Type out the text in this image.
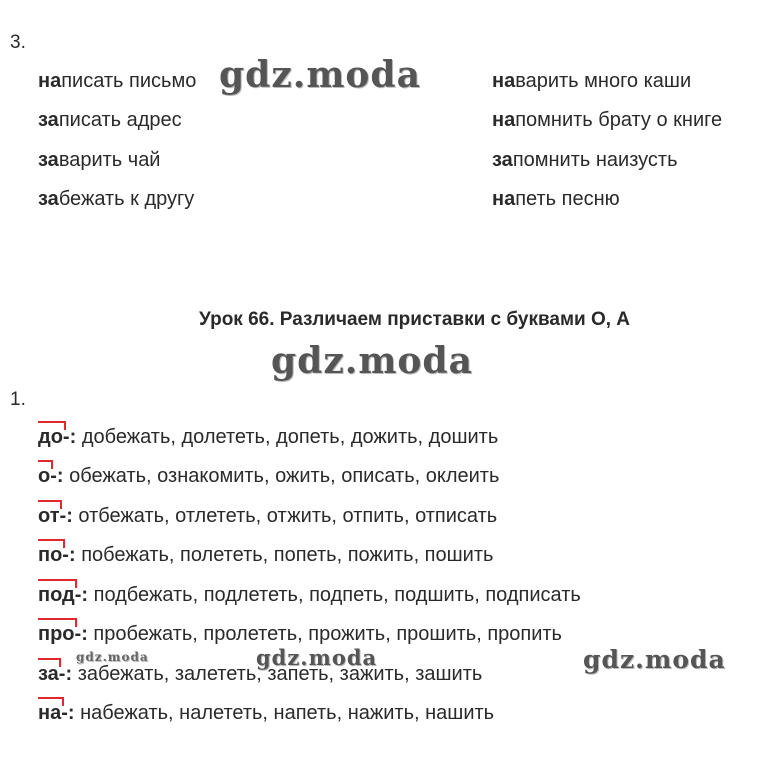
3.
написать письмо
записать адрес
заварить чай
забежать к другу
наварить много каши
напомнить брату о книге
запомнить наизусть
напеть песню
Урок 66. Различаем приставки с буквами О, А
1.
до-: добежать, долететь, допеть, дожить, дошить
о-: обежать, ознакомить, ожить, описать, оклеить
от-: отбежать, отлететь, отжить, отпить, отписать
по-: побежать, полететь, попеть, пожить, пошить
под-: подбежать, подлететь, подпеть, подшить, подписать
про-: пробежать, пролететь, прожить, прошить, пропить
за-: забежать, залететь, запеть, зажить, зашить
на-: набежать, налететь, напеть, нажить, нашить
gdz.moda
gdz.moda
gdz.moda	gdz.moda	gdz.moda
